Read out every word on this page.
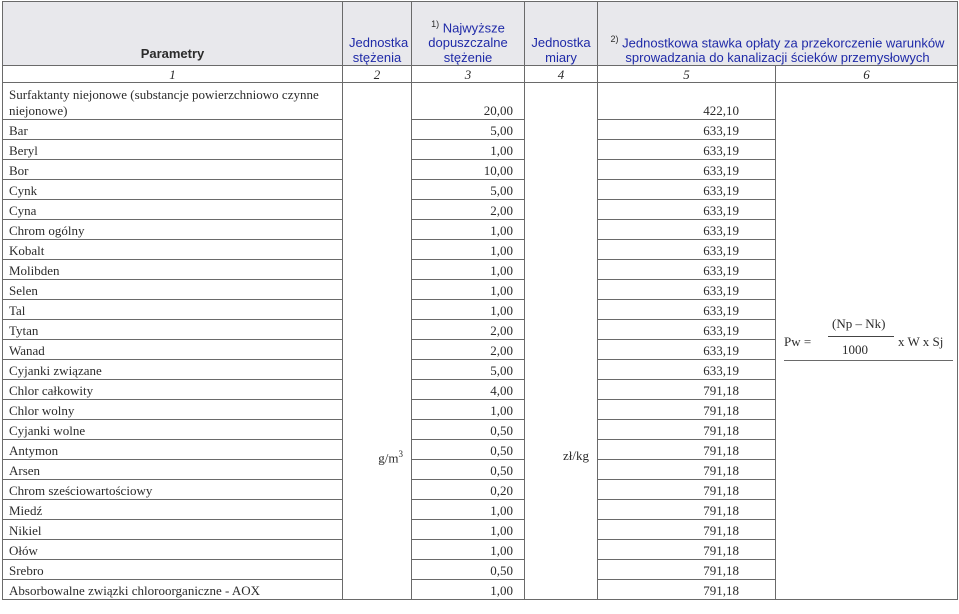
Parametry	Jednostka stężenia	$^{1)}$ Najwyższe dopuszczalne stężenie	Jednostka miary	$^{2)}$ Jednostkowa stawka opłaty za przekorczenie warunków sprowadzania do kanalizacji ścieków przemysłowych	
1	2	3	4	5	6
Surfaktanty niejonowe (substancje powierzchniowo czynne niejonowe)	$g/m^3$	20,00	zł/kg	422,10	Pw =
(Np – Nk)
1000
x W x Sj

Bar		5,00		633,19	
Beryl		1,00		633,19	
Bor		10,00		633,19	
Cynk		5,00		633,19	
Cyna		2,00		633,19	
Chrom ogólny		1,00		633,19	
Kobalt		1,00		633,19	
Molibden		1,00		633,19	
Selen		1,00		633,19	
Tal		1,00		633,19	
Tytan		2,00		633,19	
Wanad		2,00		633,19	
Cyjanki związane		5,00		633,19	
Chlor całkowity		4,00		791,18	
Chlor wolny		1,00		791,18	
Cyjanki wolne		0,50		791,18	
Antymon		0,50		791,18	
Arsen		0,50		791,18	
Chrom sześciowartościowy		0,20		791,18	
Miedź		1,00		791,18	
Nikiel		1,00		791,18	
Ołów		1,00		791,18	
Srebro		0,50		791,18	
Absorbowalne związki chloroorganiczne - AOX		1,00		791,18	
